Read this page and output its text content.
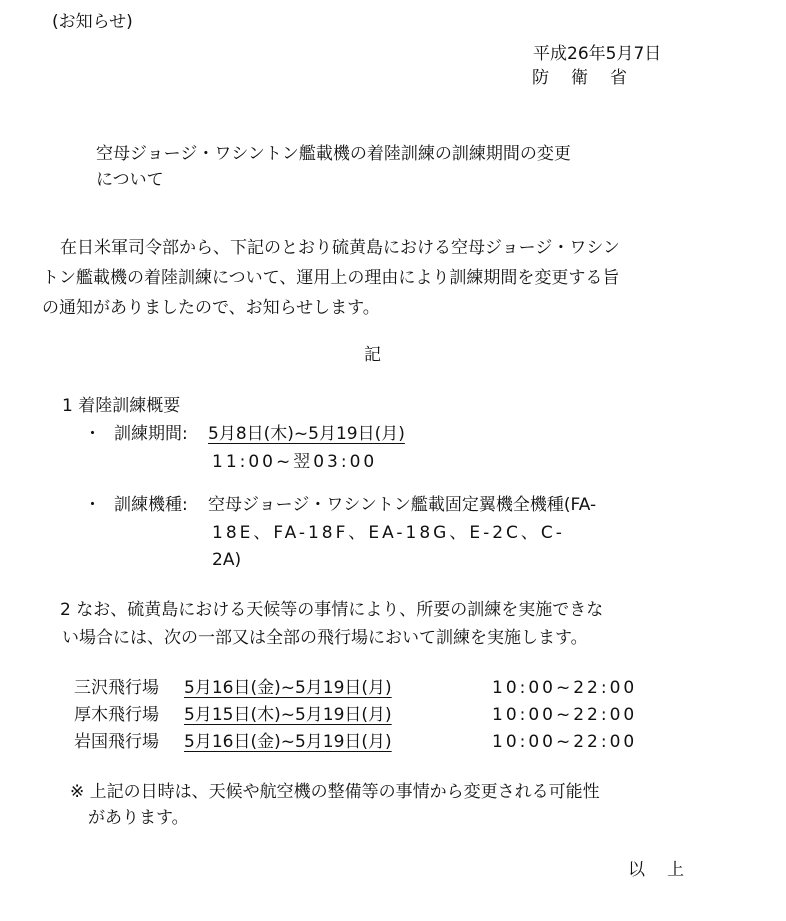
(お知らせ)
平成26年5月7日
防衛省
空母ジョージ・ワシントン艦載機の着陸訓練の訓練期間の変更
について
在日米軍司令部から、下記のとおり硫黄島における空母ジョージ・ワシン
トン艦載機の着陸訓練について、運用上の理由により訓練期間を変更する旨
の通知がありましたので、お知らせします。
記
1 着陸訓練概要
・ 訓練期間: 5月8日(木)~5月19日(月)
11:00~翌03:00
・ 訓練機種: 空母ジョージ・ワシントン艦載固定翼機全機種(FA-
18E、FA-18F、EA-18G、E-2C、C-
2A)
2 なお、硫黄島における天候等の事情により、所要の訓練を実施できな
い場合には、次の一部又は全部の飛行場において訓練を実施します。
三沢飛行場 5月16日(金)~5月19日(月)	10:00~22:00
厚木飛行場 5月15日(木)~5月19日(月)	10:00~22:00
岩国飛行場 5月16日(金)~5月19日(月)	10:00~22:00
※ 上記の日時は、天候や航空機の整備等の事情から変更される可能性
があります。
以上
